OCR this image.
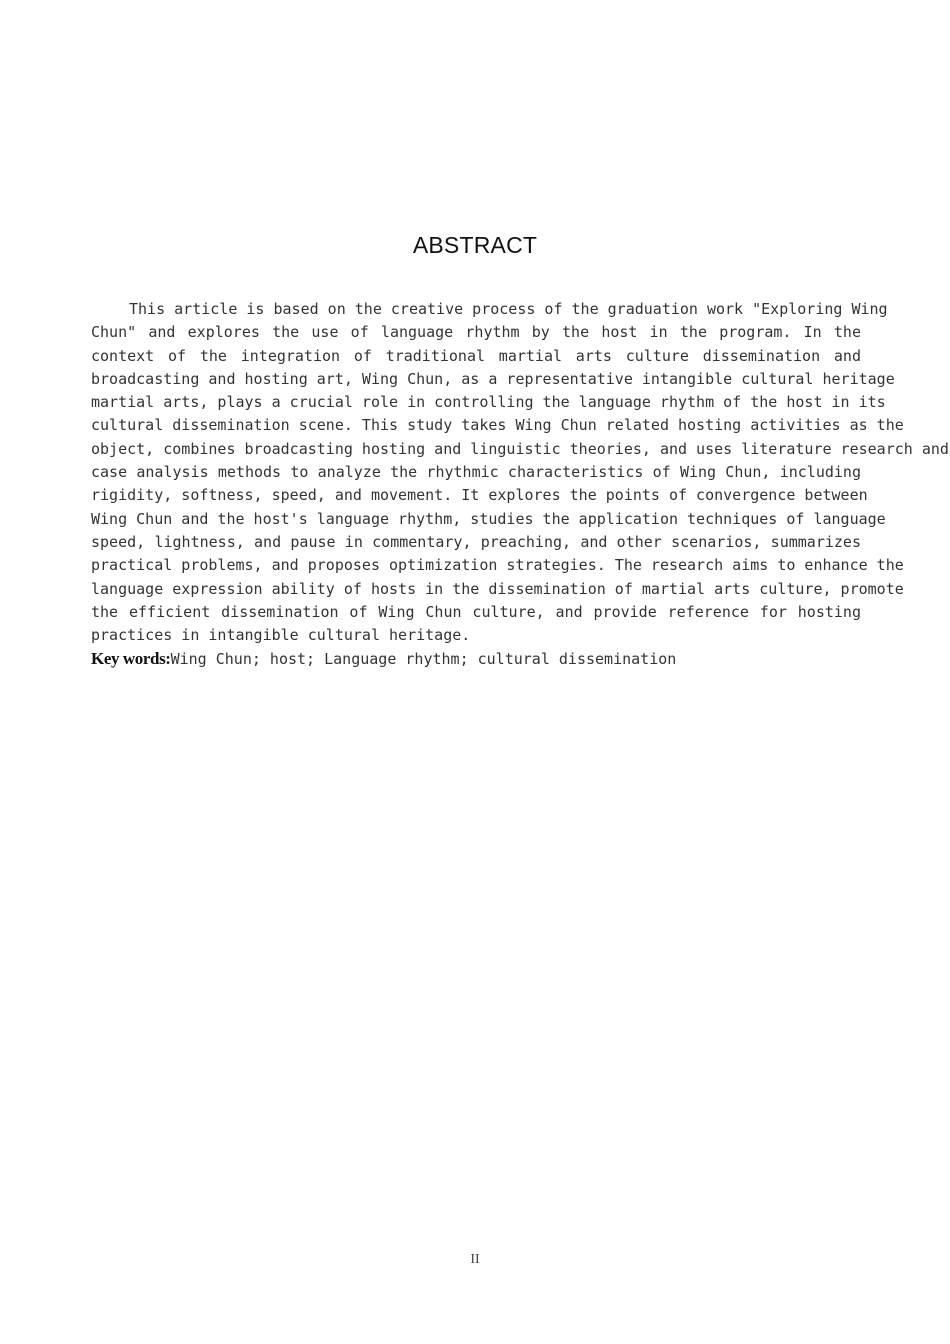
ABSTRACT
This article is based on the creative process of the graduation work "Exploring Wing
Chun" and explores the use of language rhythm by the host in the program. In the
context of the integration of traditional martial arts culture dissemination and
broadcasting and hosting art, Wing Chun, as a representative intangible cultural heritage
martial arts, plays a crucial role in controlling the language rhythm of the host in its
cultural dissemination scene. This study takes Wing Chun related hosting activities as the
object, combines broadcasting hosting and linguistic theories, and uses literature research and
case analysis methods to analyze the rhythmic characteristics of Wing Chun, including
rigidity, softness, speed, and movement. It explores the points of convergence between
Wing Chun and the host's language rhythm, studies the application techniques of language
speed, lightness, and pause in commentary, preaching, and other scenarios, summarizes
practical problems, and proposes optimization strategies. The research aims to enhance the
language expression ability of hosts in the dissemination of martial arts culture, promote
the efficient dissemination of Wing Chun culture, and provide reference for hosting
practices in intangible cultural heritage.
Key words:Wing Chun; host; Language rhythm; cultural dissemination
II
